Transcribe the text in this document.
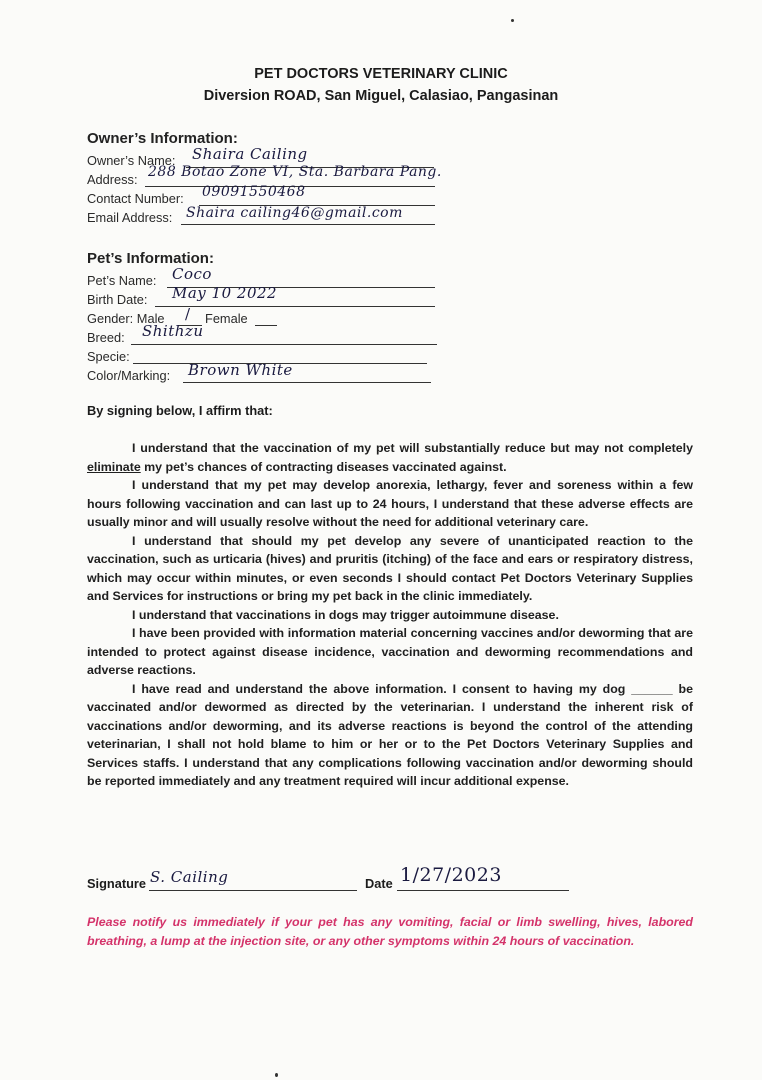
PET DOCTORS VETERINARY CLINIC
Diversion ROAD, San Miguel, Calasiao, Pangasinan
Owner’s Information:
Owner’s Name: Shaira Cailing
Address: 288 Botao Zone VI, Sta. Barbara Pang.
Contact Number: 09091550468
Email Address: Shaira cailing46@gmail.com
Pet’s Information:
Pet’s Name: Coco
Birth Date: May 10 2022
Gender: Male	Female
/
Breed: Shithzu
Specie:
Color/Marking: Brown White
By signing below, I affirm that:

I understand that the vaccination of my pet will substantially reduce but may not completely eliminate my pet’s chances of contracting diseases vaccinated against.

I understand that my pet may develop anorexia, lethargy, fever and soreness within a few hours following vaccination and can last up to 24 hours, I understand that these adverse effects are usually minor and will usually resolve without the need for additional veterinary care.

I understand that should my pet develop any severe of unanticipated reaction to the vaccination, such as urticaria (hives) and pruritis (itching) of the face and ears or respiratory distress, which may occur within minutes, or even seconds I should contact Pet Doctors Veterinary Supplies and Services for instructions or bring my pet back in the clinic immediately.

I understand that vaccinations in dogs may trigger autoimmune disease.

I have been provided with information material concerning vaccines and/or deworming that are intended to protect against disease incidence, vaccination and deworming recommendations and adverse reactions.

I have read and understand the above information. I consent to having my dog ______ be vaccinated and/or dewormed as directed by the veterinarian. I understand the inherent risk of vaccinations and/or deworming, and its adverse reactions is beyond the control of the attending veterinarian, I shall not hold blame to him or her or to the Pet Doctors Veterinary Supplies and Services staffs. I understand that any complications following vaccination and/or deworming should be reported immediately and any treatment required will incur additional expense.

Signature	Date
S. Cailing	1/27/2023
Please notify us immediately if your pet has any vomiting, facial or limb swelling, hives, labored breathing, a lump at the injection site, or any other symptoms within 24 hours of vaccination.
